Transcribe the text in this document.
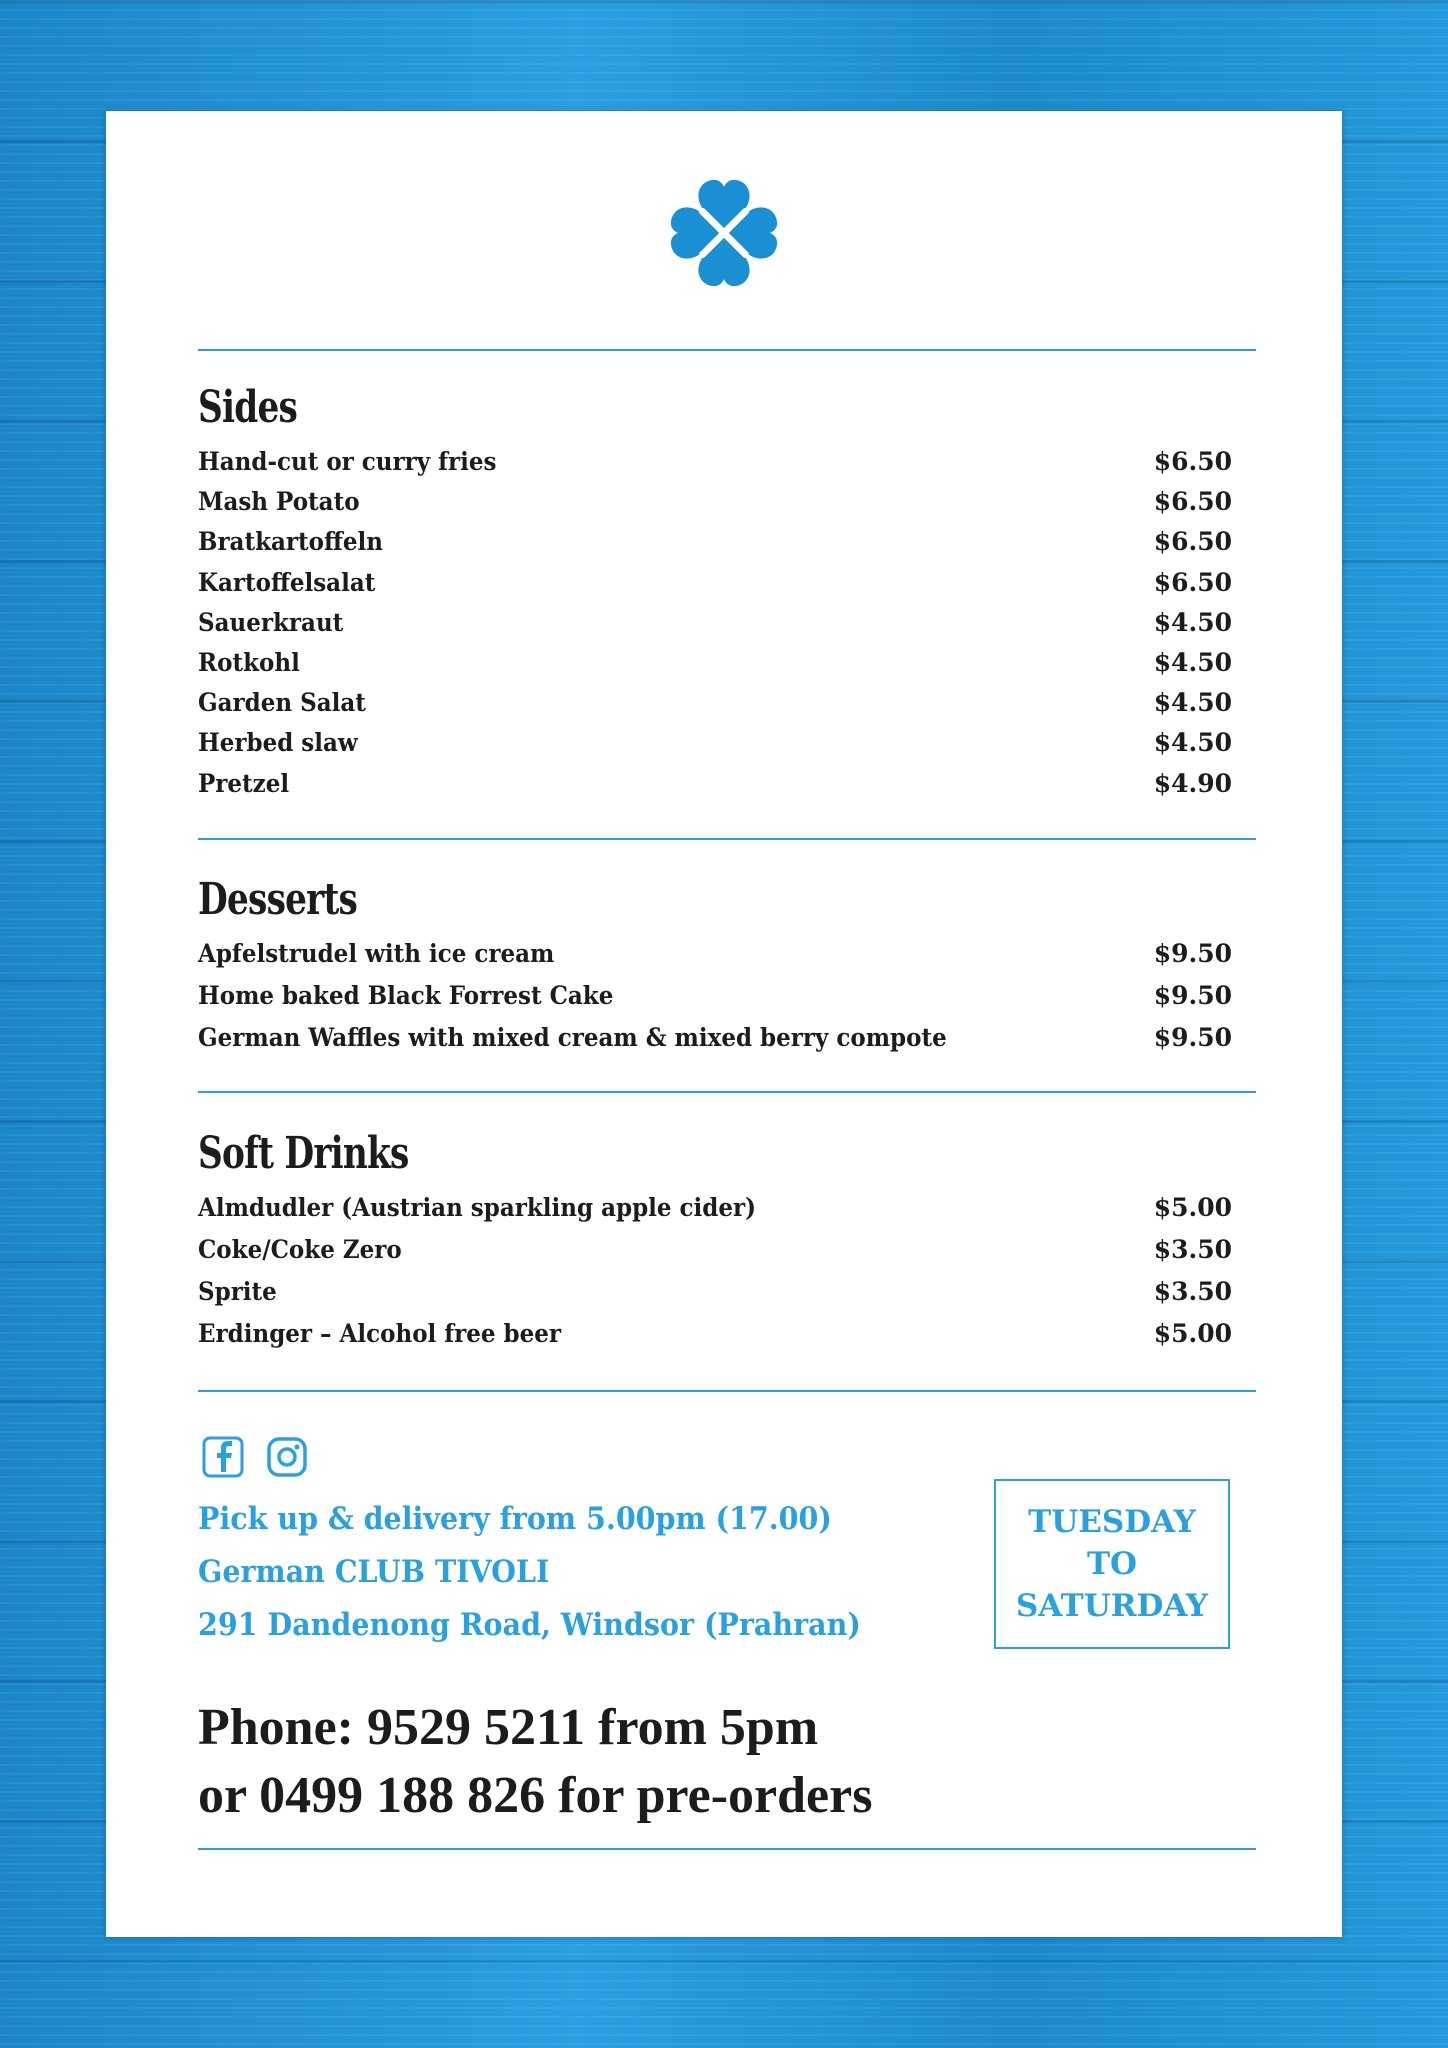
Sides
Hand-cut or curry fries	$6.50
Mash Potato	$6.50
Bratkartoffeln	$6.50
Kartoffelsalat	$6.50
Sauerkraut	$4.50
Rotkohl	$4.50
Garden Salat	$4.50
Herbed slaw	$4.50
Pretzel	$4.90
Desserts
Apfelstrudel with ice cream	$9.50
Home baked Black Forrest Cake	$9.50
German Waffles with mixed cream & mixed berry compote	$9.50
Soft Drinks
Almdudler (Austrian sparkling apple cider)	$5.00
Coke/Coke Zero	$3.50
Sprite	$3.50
Erdinger – Alcohol free beer	$5.00

Pick up & delivery from 5.00pm (17.00)

German CLUB TIVOLI

291 Dandenong Road, Windsor (Prahran)

TUESDAY
TO
SATURDAY

Phone: 9529 5211 from 5pm

or 0499 188 826 for pre-orders
